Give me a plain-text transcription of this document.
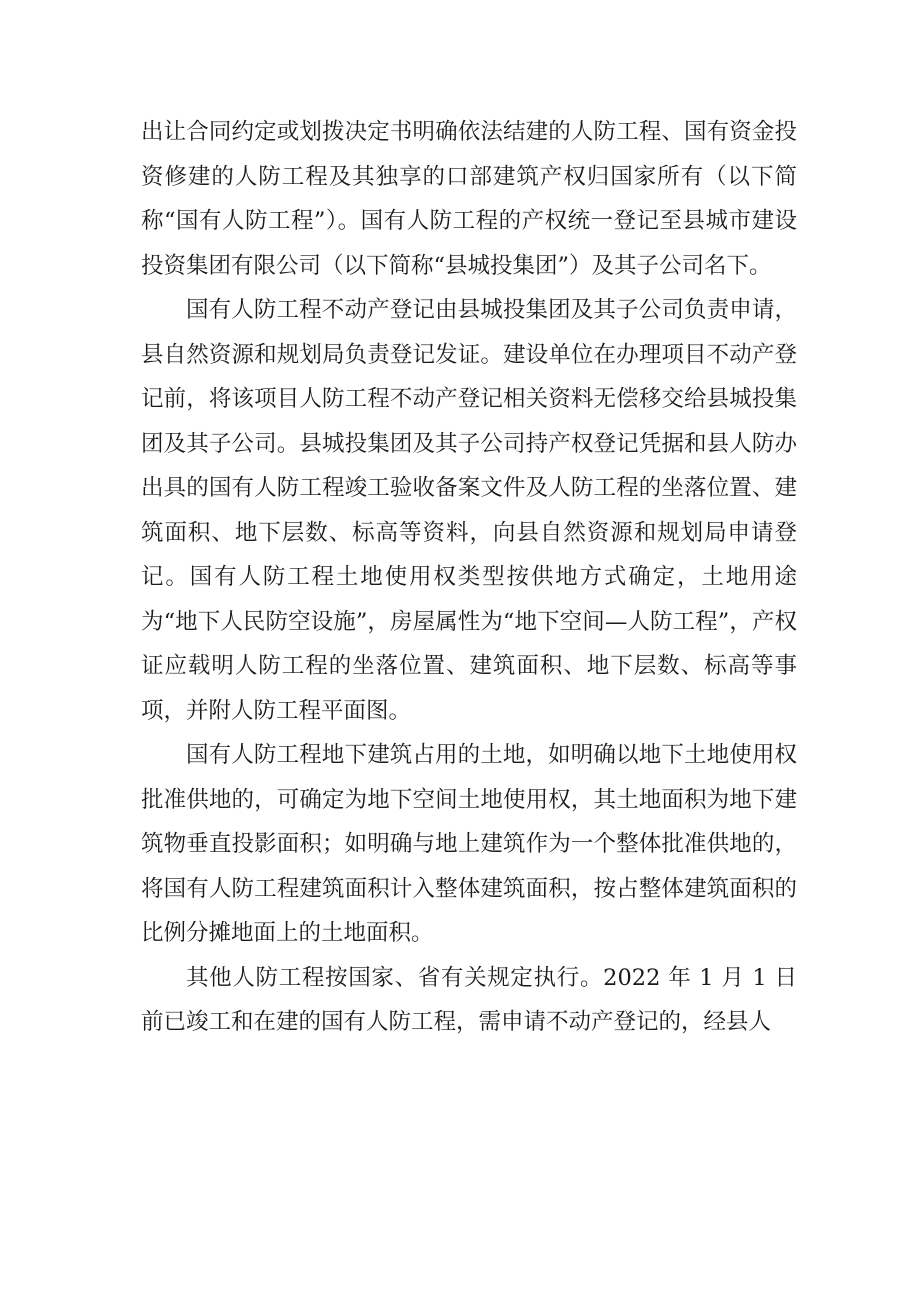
出让合同约定或划拨决定书明确依法结建的人防工程、国有资金投资修建的人防工程及其独享的口部建筑产权归国家所有（以下简称“国有人防工程”）。国有人防工程的产权统一登记至县城市建设投资集团有限公司（以下简称“县城投集团”）及其子公司名下。

国有人防工程不动产登记由县城投集团及其子公司负责申请，县自然资源和规划局负责登记发证。建设单位在办理项目不动产登记前，将该项目人防工程不动产登记相关资料无偿移交给县城投集团及其子公司。县城投集团及其子公司持产权登记凭据和县人防办出具的国有人防工程竣工验收备案文件及人防工程的坐落位置、建筑面积、地下层数、标高等资料，向县自然资源和规划局申请登记。国有人防工程土地使用权类型按供地方式确定，土地用途为“地下人民防空设施”，房屋属性为“地下空间—人防工程”，产权证应载明人防工程的坐落位置、建筑面积、地下层数、标高等事项，并附人防工程平面图。

国有人防工程地下建筑占用的土地，如明确以地下土地使用权批准供地的，可确定为地下空间土地使用权，其土地面积为地下建筑物垂直投影面积；如明确与地上建筑作为一个整体批准供地的，将国有人防工程建筑面积计入整体建筑面积，按占整体建筑面积的比例分摊地面上的土地面积。

其他人防工程按国家、省有关规定执行。2022 年 1 月 1 日前已竣工和在建的国有人防工程，需申请不动产登记的，经县人
